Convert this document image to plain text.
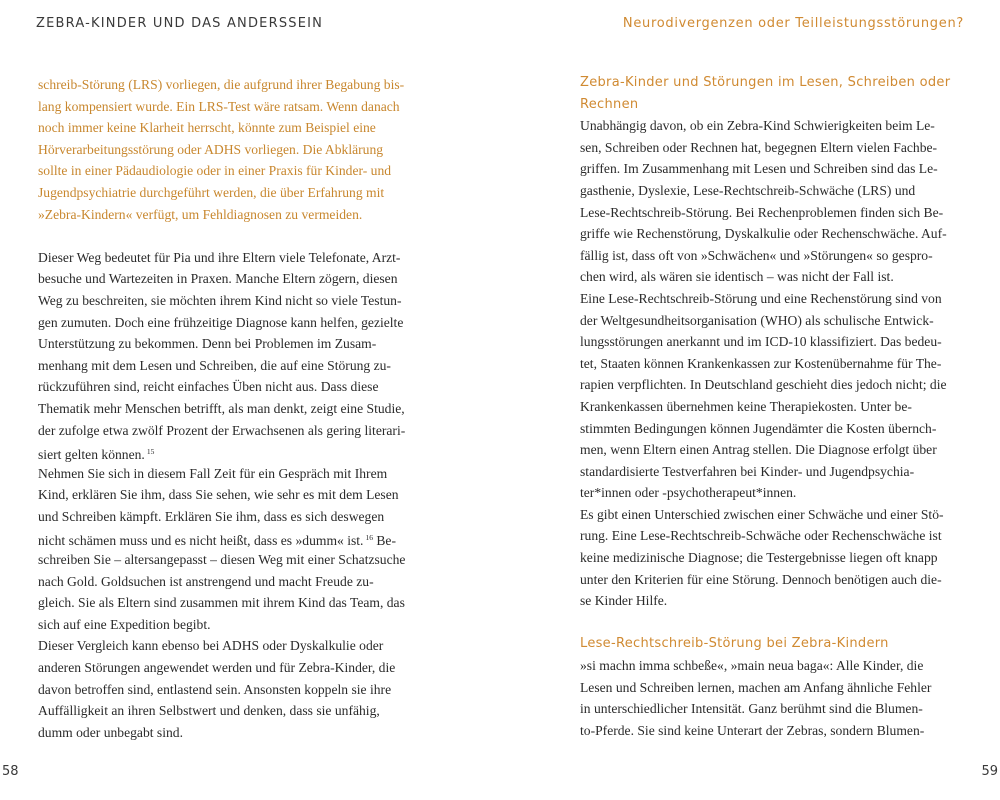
ZEBRA-KINDER UND DAS ANDERSSEIN
schreib-Störung (LRS) vorliegen, die aufgrund ihrer Begabung bis-
lang kompensiert wurde. Ein LRS-Test wäre ratsam. Wenn danach
noch immer keine Klarheit herrscht, könnte zum Beispiel eine
Hörverarbeitungsstörung oder ADHS vorliegen. Die Abklärung
sollte in einer Pädaudiologie oder in einer Praxis für Kinder- und
Jugendpsychiatrie durchgeführt werden, die über Erfahrung mit
»Zebra-Kindern« verfügt, um Fehldiagnosen zu vermeiden.
Dieser Weg bedeutet für Pia und ihre Eltern viele Telefonate, Arzt-
besuche und Wartezeiten in Praxen. Manche Eltern zögern, diesen
Weg zu beschreiten, sie möchten ihrem Kind nicht so viele Testun-
gen zumuten. Doch eine frühzeitige Diagnose kann helfen, gezielte
Unterstützung zu bekommen. Denn bei Problemen im Zusam-
menhang mit dem Lesen und Schreiben, die auf eine Störung zu-
rückzuführen sind, reicht einfaches Üben nicht aus. Dass diese
Thematik mehr Menschen betrifft, als man denkt, zeigt eine Studie,
der zufolge etwa zwölf Prozent der Erwachsenen als gering literari-
siert gelten können. $^{15}$
Nehmen Sie sich in diesem Fall Zeit für ein Gespräch mit Ihrem
Kind, erklären Sie ihm, dass Sie sehen, wie sehr es mit dem Lesen
und Schreiben kämpft. Erklären Sie ihm, dass es sich deswegen
nicht schämen muss und es nicht heißt, dass es »dumm« ist. $^{16}$ Be-
schreiben Sie – altersangepasst – diesen Weg mit einer Schatzsuche
nach Gold. Goldsuchen ist anstrengend und macht Freude zu-
gleich. Sie als Eltern sind zusammen mit ihrem Kind das Team, das
sich auf eine Expedition begibt.
Dieser Vergleich kann ebenso bei ADHS oder Dyskalkulie oder
anderen Störungen angewendet werden und für Zebra-Kinder, die
davon betroffen sind, entlastend sein. Ansonsten koppeln sie ihre
Auffälligkeit an ihren Selbstwert und denken, dass sie unfähig,
dumm oder unbegabt sind.
58
Neurodivergenzen oder Teilleistungsstörungen?
Zebra-Kinder und Störungen im Lesen, Schreiben oder
Rechnen
Unabhängig davon, ob ein Zebra-Kind Schwierigkeiten beim Le-
sen, Schreiben oder Rechnen hat, begegnen Eltern vielen Fachbe-
griffen. Im Zusammenhang mit Lesen und Schreiben sind das Le-
gasthenie, Dyslexie, Lese-Rechtschreib-Schwäche (LRS) und
Lese-Rechtschreib-Störung. Bei Rechenproblemen finden sich Be-
griffe wie Rechenstörung, Dyskalkulie oder Rechenschwäche. Auf-
fällig ist, dass oft von »Schwächen« und »Störungen« so gespro-
chen wird, als wären sie identisch – was nicht der Fall ist.
Eine Lese-Rechtschreib-Störung und eine Rechenstörung sind von
der Weltgesundheitsorganisation (WHO) als schulische Entwick-
lungsstörungen anerkannt und im ICD-10 klassifiziert. Das bedeu-
tet, Staaten können Krankenkassen zur Kostenübernahme für The-
rapien verpflichten. In Deutschland geschieht dies jedoch nicht; die
Krankenkassen übernehmen keine Therapiekosten. Unter be-
stimmten Bedingungen können Jugendämter die Kosten übernch-
men, wenn Eltern einen Antrag stellen. Die Diagnose erfolgt über
standardisierte Testverfahren bei Kinder- und Jugendpsychia-
ter*innen oder -psychotherapeut*innen.
Es gibt einen Unterschied zwischen einer Schwäche und einer Stö-
rung. Eine Lese-Rechtschreib-Schwäche oder Rechenschwäche ist
keine medizinische Diagnose; die Testergebnisse liegen oft knapp
unter den Kriterien für eine Störung. Dennoch benötigen auch die-
se Kinder Hilfe.
Lese-Rechtschreib-Störung bei Zebra-Kindern
»si machn imma schbeßе«, »main neua baga«: Alle Kinder, die
Lesen und Schreiben lernen, machen am Anfang ähnliche Fehler
in unterschiedlicher Intensität. Ganz berühmt sind die Blumen-
to-Pferde. Sie sind keine Unterart der Zebras, sondern Blumen-
59
